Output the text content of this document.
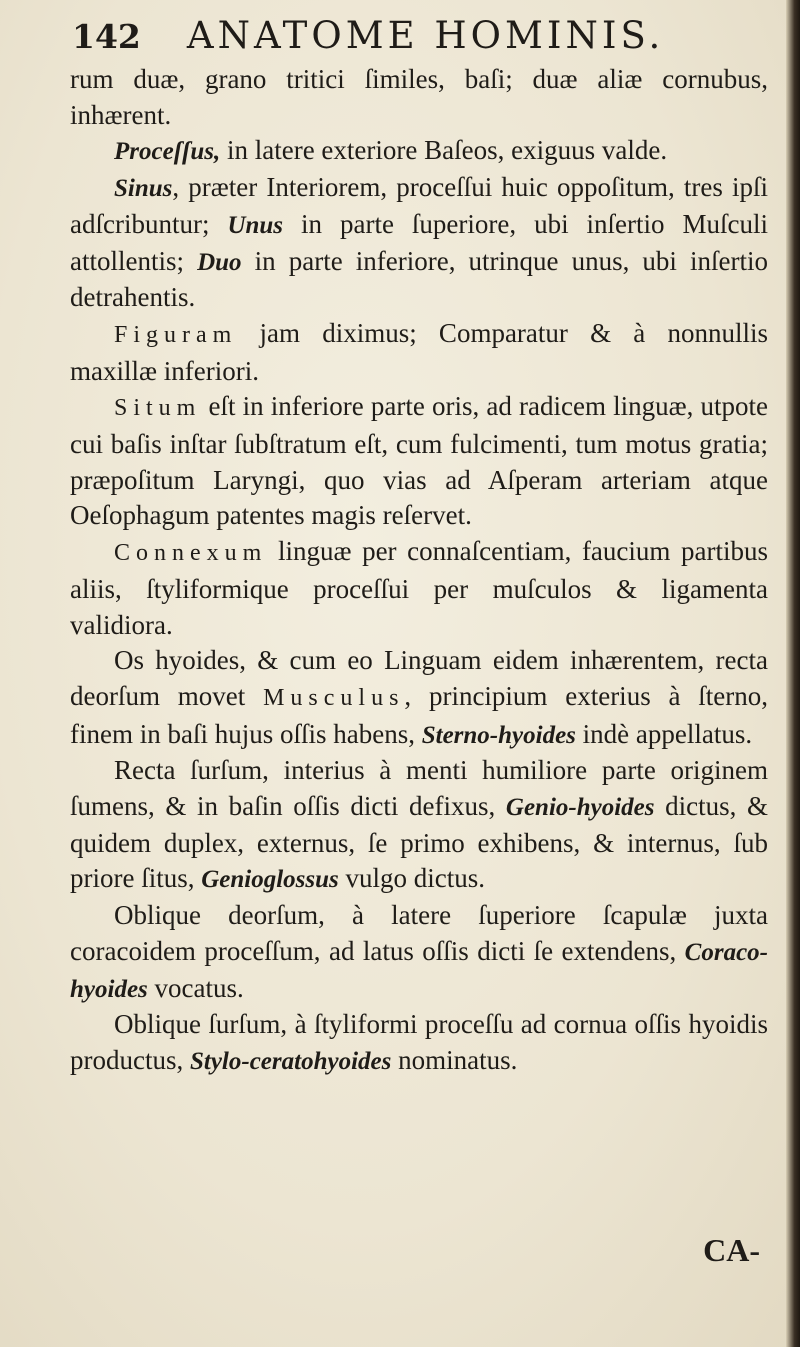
142 ANATOME HOMINIS.

rum duæ, grano tritici ſimiles, baſi; duæ aliæ cornubus, inhærent.

Proceſſus, in latere exteriore Baſeos, exiguus valde.

Sinus, præter Interiorem, proceſſui huic oppoſitum, tres ipſi adſcribuntur; Unus in parte ſuperiore, ubi inſertio Muſculi attollentis; Duo in parte inferiore, utrinque unus, ubi inſertio detrahentis.

Figuram jam diximus; Comparatur & à nonnullis maxillæ inferiori.

Situm eſt in inferiore parte oris, ad radicem linguæ, utpote cui baſis inſtar ſubſtratum eſt, cum fulcimenti, tum motus gratia; præpoſitum Laryngi, quo vias ad Aſperam arteriam atque Oeſophagum patentes magis reſervet.

Connexum linguæ per connaſcentiam, faucium partibus aliis, ſtyliformique proceſſui per muſculos & ligamenta validiora.

Os hyoides, & cum eo Linguam eidem inhærentem, recta deorſum movet Musculus, principium exterius à ſterno, finem in baſi hujus oſſis habens, Sterno-hyoides indè appellatus.

Recta ſurſum, interius à menti humiliore parte originem ſumens, & in baſin oſſis dicti defixus, Genio-hyoides dictus, & quidem duplex, externus, ſe primo exhibens, & internus, ſub priore ſitus, Genioglossus vulgo dictus.

Oblique deorſum, à latere ſuperiore ſcapulæ juxta coracoidem proceſſum, ad latus oſſis dicti ſe extendens, Coraco-hyoides vocatus.

Oblique ſurſum, à ſtyliformi proceſſu ad cornua oſſis hyoidis productus, Stylo-ceratohyoides nominatus.

CA-
